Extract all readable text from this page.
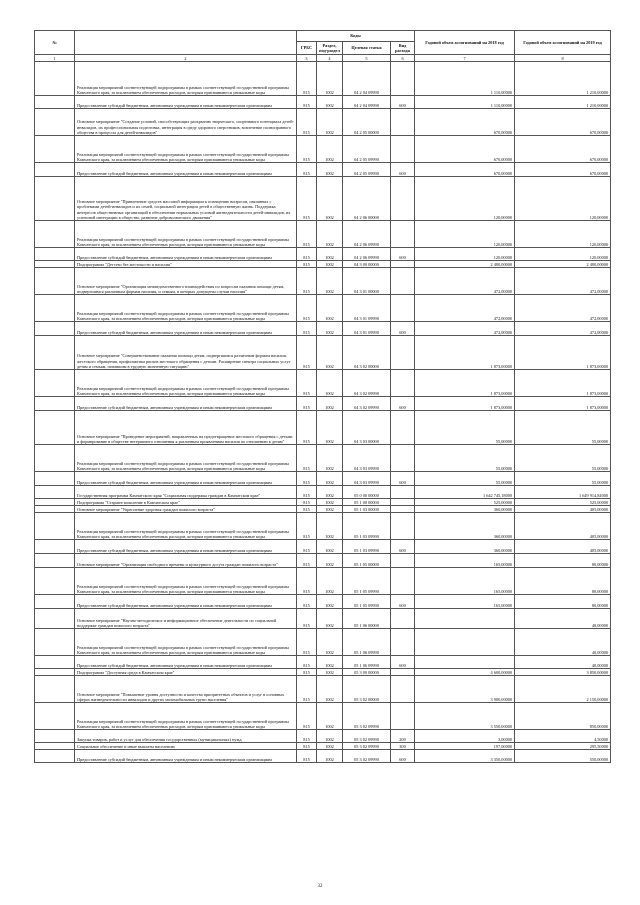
№		Коды				Годовой объем ассигнований на 2018 год	Годовой объем ассигнований на 2019 год
		ГРБС	Раздел, под-раздел	Целевая статья	Вид расхода		
1	2	3	4	5	6	7	8
	Реализация мероприятий соответствующей подпрограммы в рамках соответствующей государственной программы Камчатского края, за исключением обеспеченных расходов, которым присваиваются уникальные коды	815	1002	04 2 04 09990		1 110,00000	1 210,00000
	Предоставление субсидий бюджетным, автономным учреждениям и иным некоммерческим организациям	815	1002	04 2 04 09990	600	1 110,00000	1 210,00000
	Основное мероприятие "Создание условий, способствующих раскрытию творческого, спортивного потенциала детей-инвалидов, их профессиональная подготовка, интеграция в среду здорового сверстников, вовлечение полноправного общества в процессы для детей-инвалидов"	815	1002	04 2 05 00000		670,00000	670,00000
	Реализация мероприятий соответствующей подпрограммы в рамках соответствующей государственной программы Камчатского края, за исключением обеспеченных расходов, которым присваиваются уникальные коды	815	1002	04 2 05 09990		670,00000	670,00000
	Предоставление субсидий бюджетным, автономным учреждениям и иным некоммерческим организациям	815	1002	04 2 05 09990	600	670,00000	670,00000
	Основное мероприятие "Привлечение средств массовой информации к освещению вопросов, связанных с проблемами детей-инвалидов и их семей, социальной интеграции детей в общественную жизнь. Поддержка интересов общественных организаций в обеспечении нормальных условий жизнедеятельности детей-инвалидов, их успешной интеграции в общество, развитие добровольческого движения"	815	1002	04 2 06 00000		120,00000	120,00000
	Реализация мероприятий соответствующей подпрограммы в рамках соответствующей государственной программы Камчатского края, за исключением обеспеченных расходов, которым присваиваются уникальные коды	815	1002	04 2 06 09990		120,00000	120,00000
	Предоставление субсидий бюджетным, автономным учреждениям и иным некоммерческим организациям	815	1002	04 2 06 09990	600	120,00000	120,00000
	Подпрограмма "Детство без жестокости и насилия"	815	1002	04 3 00 00000		2 400,00000	2 400,00000
	Основное мероприятие "Организация межведомственного взаимодействия по вопросам оказания помощи детям, подвергшимся различным формам насилия, и семьям, в которых допущены случаи насилия"	815	1002	04 3 01 00000		472,00000	472,00000
	Реализация мероприятий соответствующей подпрограммы в рамках соответствующей государственной программы Камчатского края, за исключением обеспеченных расходов, которым присваиваются уникальные коды	815	1002	04 3 01 09990		472,00000	472,00000
	Предоставление субсидий бюджетным, автономным учреждениям и иным некоммерческим организациям	815	1002	04 3 01 09990	600	472,00000	472,00000
	Основное мероприятие "Совершенствование оказания помощи детям, подвергшимся различным формам насилия, жестокого обращения, профилактика рисков жестокого обращения с детьми. Расширение спектра социальных услуг детям и семьям, попавшим в трудную жизненную ситуацию"	815	1002	04 3 02 00000		1 873,00000	1 873,00000
	Реализация мероприятий соответствующей подпрограммы в рамках соответствующей государственной программы Камчатского края, за исключением обеспеченных расходов, которым присваиваются уникальные коды	815	1002	04 3 02 09990		1 873,00000	1 873,00000
	Предоставление субсидий бюджетным, автономным учреждениям и иным некоммерческим организациям	815	1002	04 3 02 09990	600	1 873,00000	1 873,00000
	Основное мероприятие "Проведение мероприятий, направленных на предотвращение жестокого обращения с детьми и формирование в обществе нетерпимого отношения к различным проявлениям насилия по отношению к детям"	815	1002	04 3 03 00000		55,00000	55,00000
	Реализация мероприятий соответствующей подпрограммы в рамках соответствующей государственной программы Камчатского края, за исключением обеспеченных расходов, которым присваиваются уникальные коды	815	1002	04 3 03 09990		55,00000	55,00000
	Предоставление субсидий бюджетным, автономным учреждениям и иным некоммерческим организациям	815	1002	04 3 03 09990	600	55,00000	55,00000
	Государственная программа Камчатского края "Социальная поддержка граждан в Камчатском крае"	815	1002	05 0 00 00000		1 642 745,18000	1 649 914,84000
	Подпрограмма "Старшее поколение в Камчатском крае"	815	1002	05 1 00 00000		525,00000	525,00000
	Основное мероприятие "Укрепление здоровья граждан пожилого возраста"	815	1002	05 1 03 00000		360,00000	405,00000
	Реализация мероприятий соответствующей подпрограммы в рамках соответствующей государственной программы Камчатского края, за исключением обеспеченных расходов, которым присваиваются уникальные коды	815	1002	05 1 03 09990		360,00000	405,00000
	Предоставление субсидий бюджетным, автономным учреждениям и иным некоммерческим организациям	815	1002	05 1 03 09990	600	360,00000	405,00000
	Основное мероприятие "Организация свободного времени и культурного досуга граждан пожилого возраста"	815	1002	05 1 05 00000		165,00000	80,00000
	Реализация мероприятий соответствующей подпрограммы в рамках соответствующей государственной программы Камчатского края, за исключением обеспеченных расходов, которым присваиваются уникальные коды	815	1002	05 1 05 09990		165,00000	80,00000
	Предоставление субсидий бюджетным, автономным учреждениям и иным некоммерческим организациям	815	1002	05 1 05 09990	600	165,00000	80,00000
	Основное мероприятие "Научно-методическое и информационное обеспечение деятельности по социальной поддержке граждан пожилого возраста"	815	1002	05 1 06 00000			40,00000
	Реализация мероприятий соответствующей подпрограммы в рамках соответствующей государственной программы Камчатского края, за исключением обеспеченных расходов, которым присваиваются уникальные коды	815	1002	05 1 06 09990			40,00000
	Предоставление субсидий бюджетным, автономным учреждениям и иным некоммерческим организациям	815	1002	05 1 06 09990	600		40,00000
	Подпрограмма "Доступная среда в Камчатском крае"	815	1002	05 3 00 00000		4 600,00000	3 850,00000
	Основное мероприятие "Повышение уровня доступности и качества приоритетных объектов и услуг в основных сферах жизнедеятельности инвалидов и других маломобильных групп населения"	815	1002	05 3 02 00000		3 900,00000	2 150,00000
	Реализация мероприятий соответствующей подпрограммы в рамках соответствующей государственной программы Камчатского края, за исключением обеспеченных расходов, которым присваиваются уникальные коды	815	1002	05 3 02 09990		3 550,00000	850,00000
	Закупка товаров, работ и услуг для обеспечения государственных (муниципальных) нужд	815	1002	05 3 02 09990	200	3,00000	4,50000
	Социальное обеспечение и иные выплаты населению	815	1002	05 3 02 09990	300	197,00000	295,50000
	Предоставление субсидий бюджетным, автономным учреждениям и иным некоммерческим организациям	815	1002	05 3 02 09990	600	3 350,00000	550,00000
32
